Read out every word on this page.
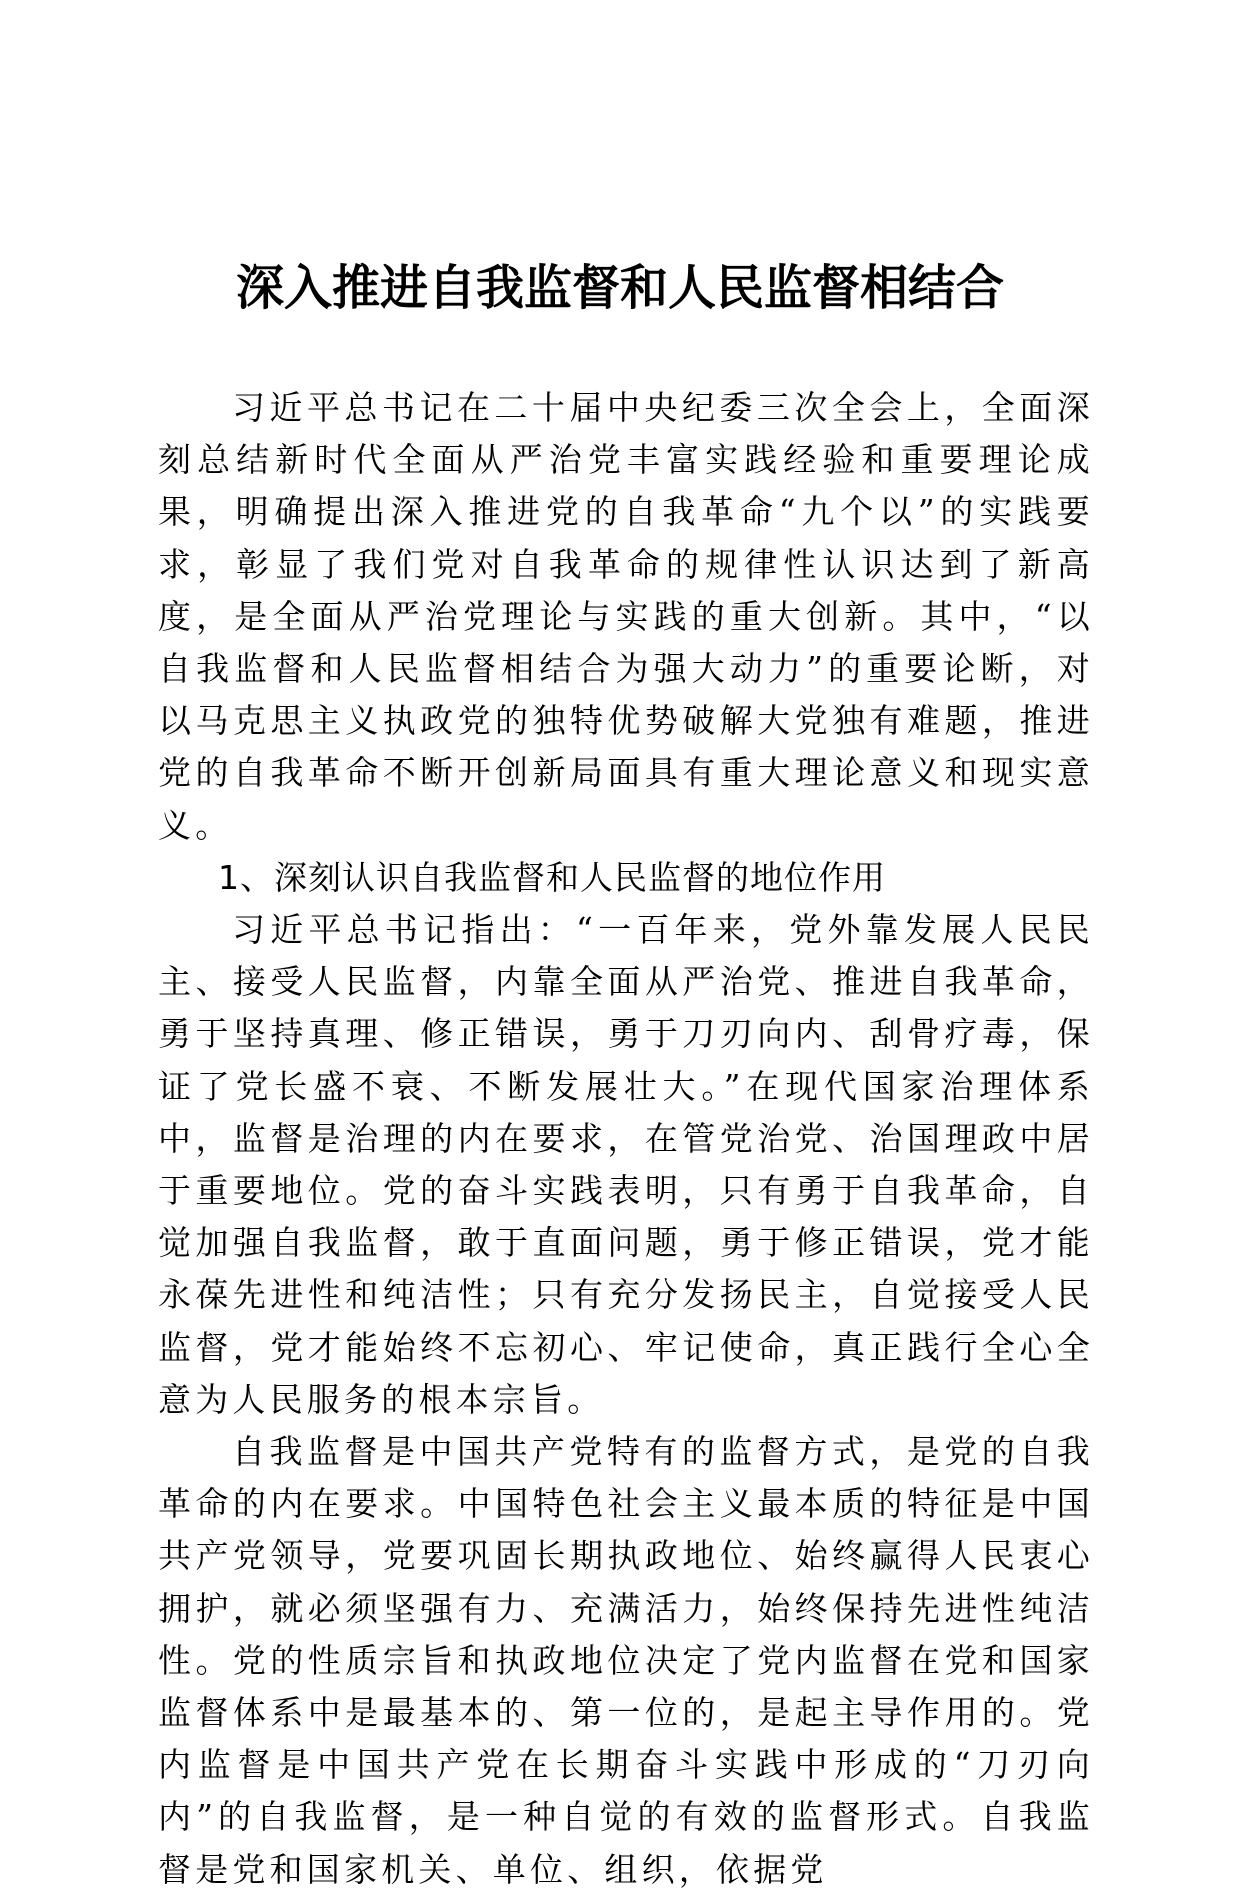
深入推进自我监督和人民监督相结合

习近平总书记在二十届中央纪委三次全会上，全面深刻总结新时代全面从严治党丰富实践经验和重要理论成果，明确提出深入推进党的自我革命“九个以”的实践要求，彰显了我们党对自我革命的规律性认识达到了新高度，是全面从严治党理论与实践的重大创新。其中，“以自我监督和人民监督相结合为强大动力”的重要论断，对以马克思主义执政党的独特优势破解大党独有难题，推进党的自我革命不断开创新局面具有重大理论意义和现实意义。

1、深刻认识自我监督和人民监督的地位作用

习近平总书记指出：“一百年来，党外靠发展人民民主、接受人民监督，内靠全面从严治党、推进自我革命，勇于坚持真理、修正错误，勇于刀刃向内、刮骨疗毒，保证了党长盛不衰、不断发展壮大。”在现代国家治理体系中，监督是治理的内在要求，在管党治党、治国理政中居于重要地位。党的奋斗实践表明，只有勇于自我革命，自觉加强自我监督，敢于直面问题，勇于修正错误，党才能永葆先进性和纯洁性；只有充分发扬民主，自觉接受人民监督，党才能始终不忘初心、牢记使命，真正践行全心全意为人民服务的根本宗旨。

自我监督是中国共产党特有的监督方式，是党的自我革命的内在要求。中国特色社会主义最本质的特征是中国共产党领导，党要巩固长期执政地位、始终赢得人民衷心拥护，就必须坚强有力、充满活力，始终保持先进性纯洁性。党的性质宗旨和执政地位决定了党内监督在党和国家监督体系中是最基本的、第一位的，是起主导作用的。党内监督是中国共产党在长期奋斗实践中形成的“刀刃向内”的自我监督，是一种自觉的有效的监督形式。自我监督是党和国家机关、单位、组织，依据党
